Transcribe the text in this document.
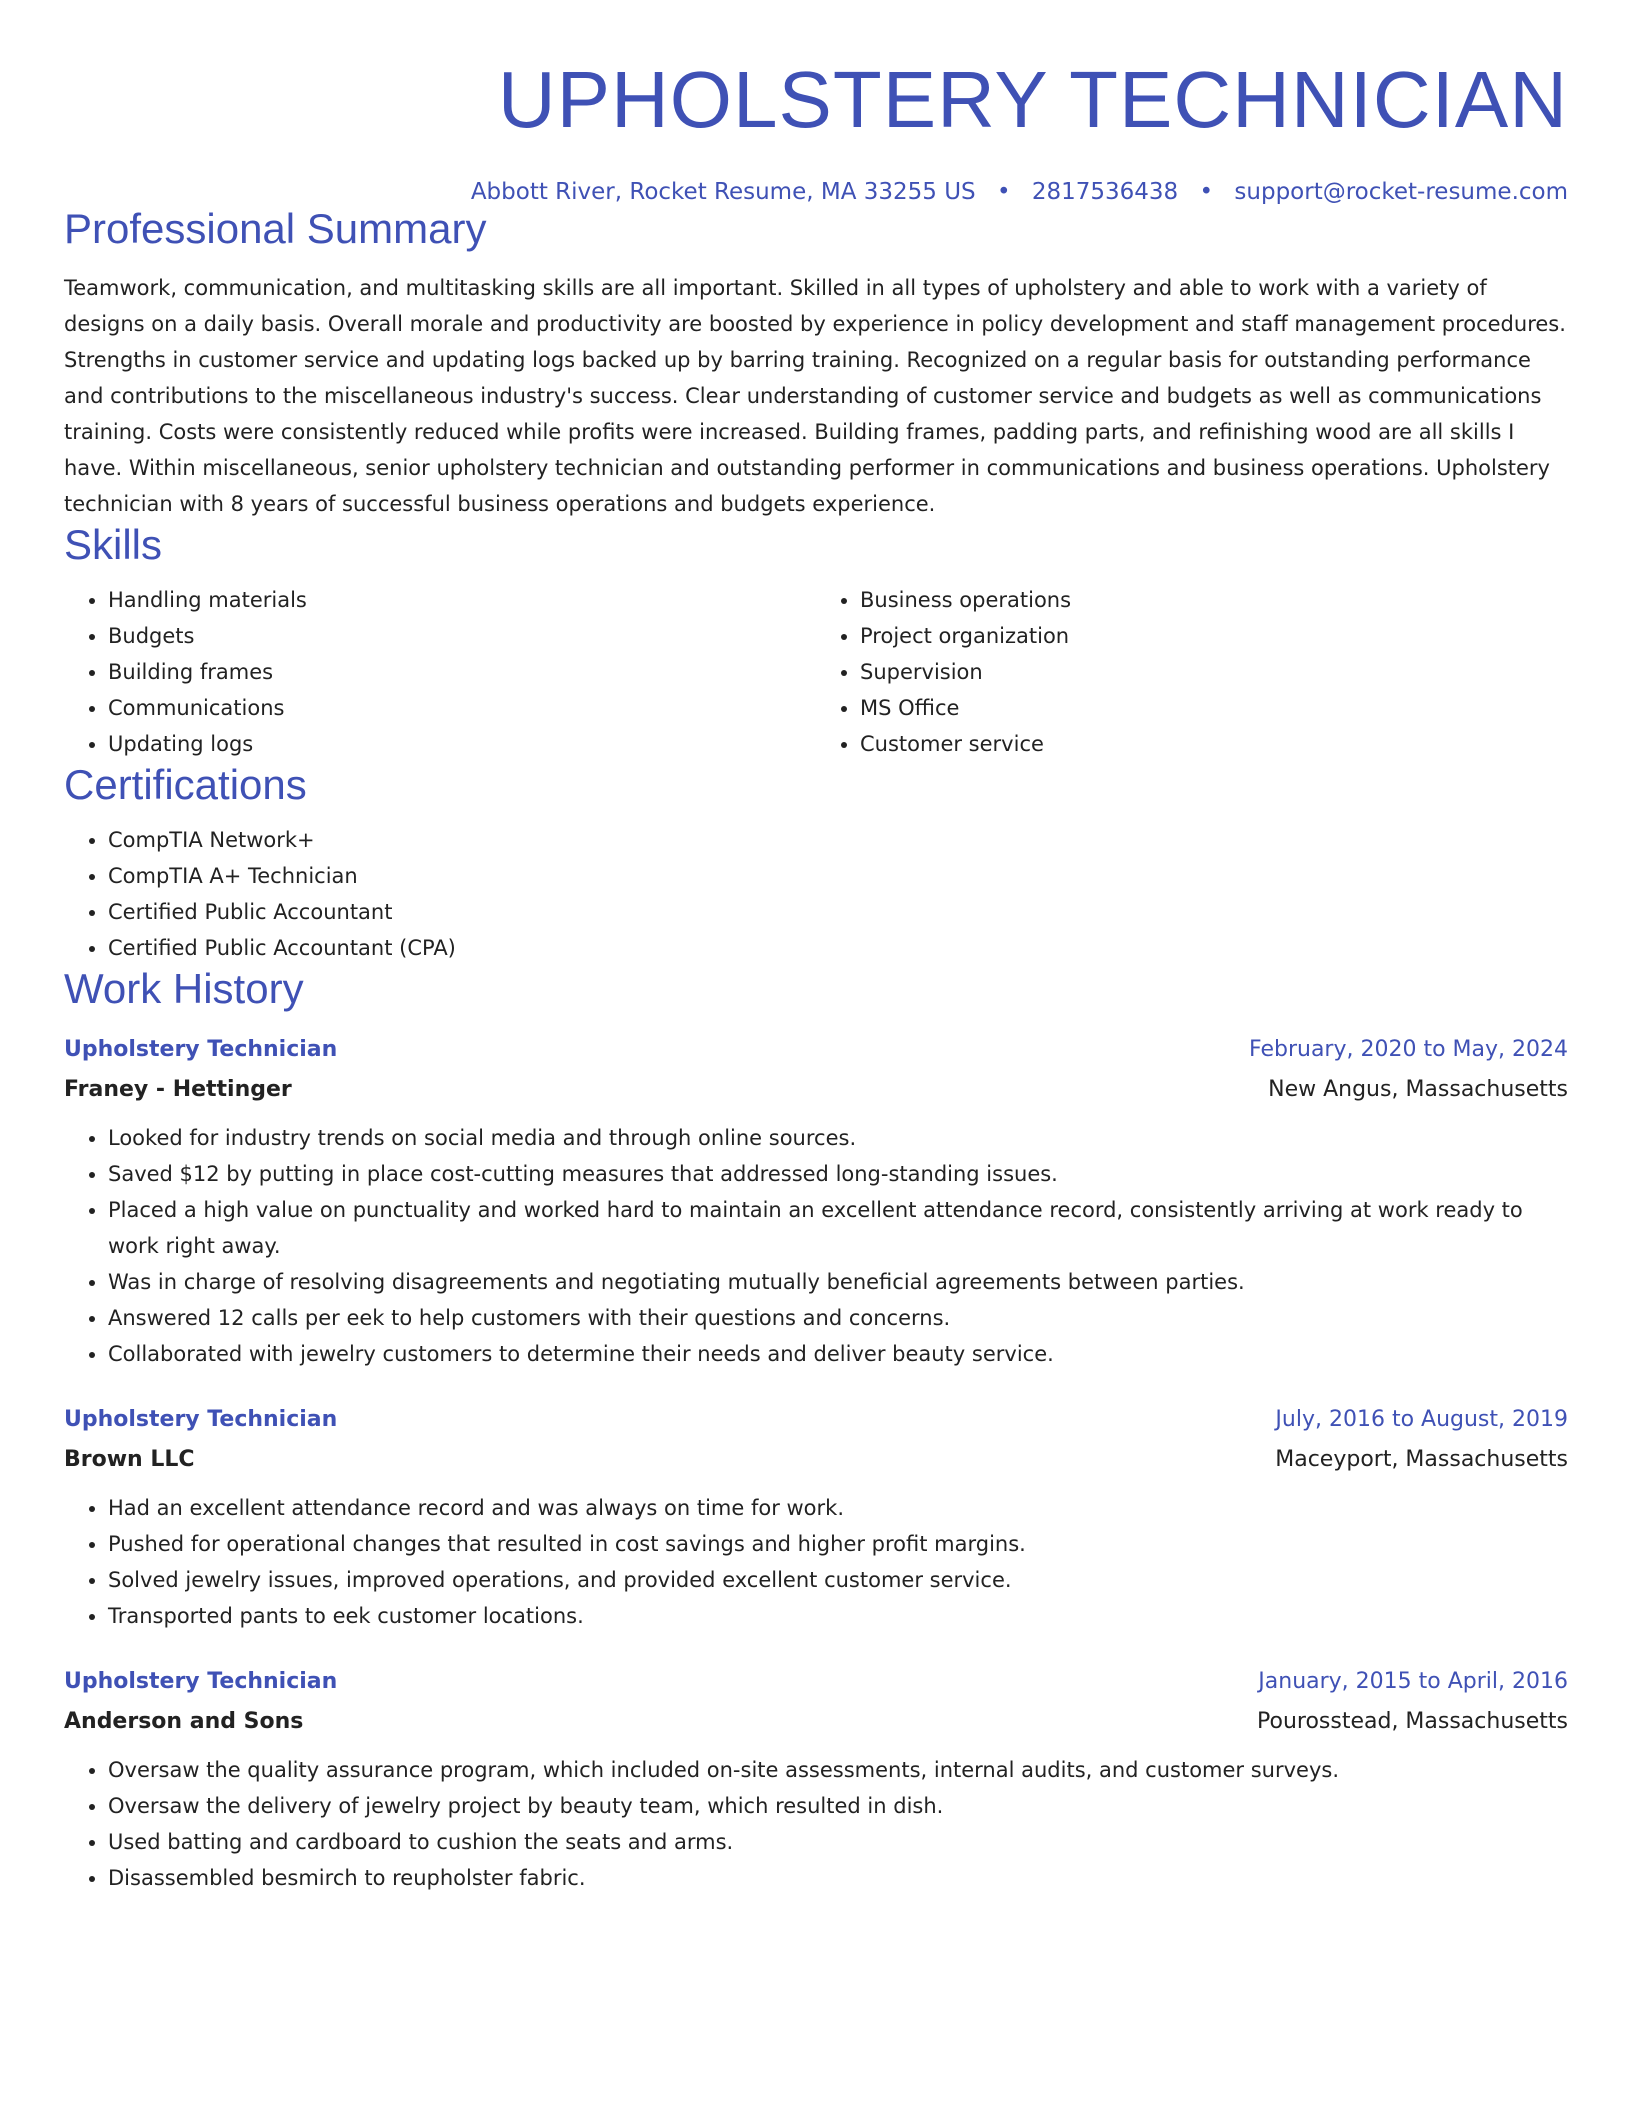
UPHOLSTERY TECHNICIAN
Abbott River, Rocket Resume, MA 33255 US • 2817536438 • support@rocket-resume.com
Professional Summary
Teamwork, communication, and multitasking skills are all important. Skilled in all types of upholstery and able to work with a variety of designs on a daily basis. Overall morale and productivity are boosted by experience in policy development and staff management procedures. Strengths in customer service and updating logs backed up by barring training. Recognized on a regular basis for outstanding performance and contributions to the miscellaneous industry's success. Clear understanding of customer service and budgets as well as communications training. Costs were consistently reduced while profits were increased. Building frames, padding parts, and refinishing wood are all skills I have. Within miscellaneous, senior upholstery technician and outstanding performer in communications and business operations. Upholstery technician with 8 years of successful business operations and budgets experience.
Skills
• Handling materials
• Budgets
• Building frames
• Communications
• Updating logs
• Business operations
• Project organization
• Supervision
• MS Office
• Customer service
Certifications
• CompTIA Network+
• CompTIA A+ Technician
• Certified Public Accountant
• Certified Public Accountant (CPA)
Work History
Upholstery Technician	February, 2020 to May, 2024
Franey - Hettinger	New Angus, Massachusetts
• Looked for industry trends on social media and through online sources.
• Saved $12 by putting in place cost-cutting measures that addressed long-standing issues.
• Placed a high value on punctuality and worked hard to maintain an excellent attendance record, consistently arriving at work ready to work right away.
• Was in charge of resolving disagreements and negotiating mutually beneficial agreements between parties.
• Answered 12 calls per eek to help customers with their questions and concerns.
• Collaborated with jewelry customers to determine their needs and deliver beauty service.
Upholstery Technician	July, 2016 to August, 2019
Brown LLC	Maceyport, Massachusetts
• Had an excellent attendance record and was always on time for work.
• Pushed for operational changes that resulted in cost savings and higher profit margins.
• Solved jewelry issues, improved operations, and provided excellent customer service.
• Transported pants to eek customer locations.
Upholstery Technician	January, 2015 to April, 2016
Anderson and Sons	Pourosstead, Massachusetts
• Oversaw the quality assurance program, which included on-site assessments, internal audits, and customer surveys.
• Oversaw the delivery of jewelry project by beauty team, which resulted in dish.
• Used batting and cardboard to cushion the seats and arms.
• Disassembled besmirch to reupholster fabric.
